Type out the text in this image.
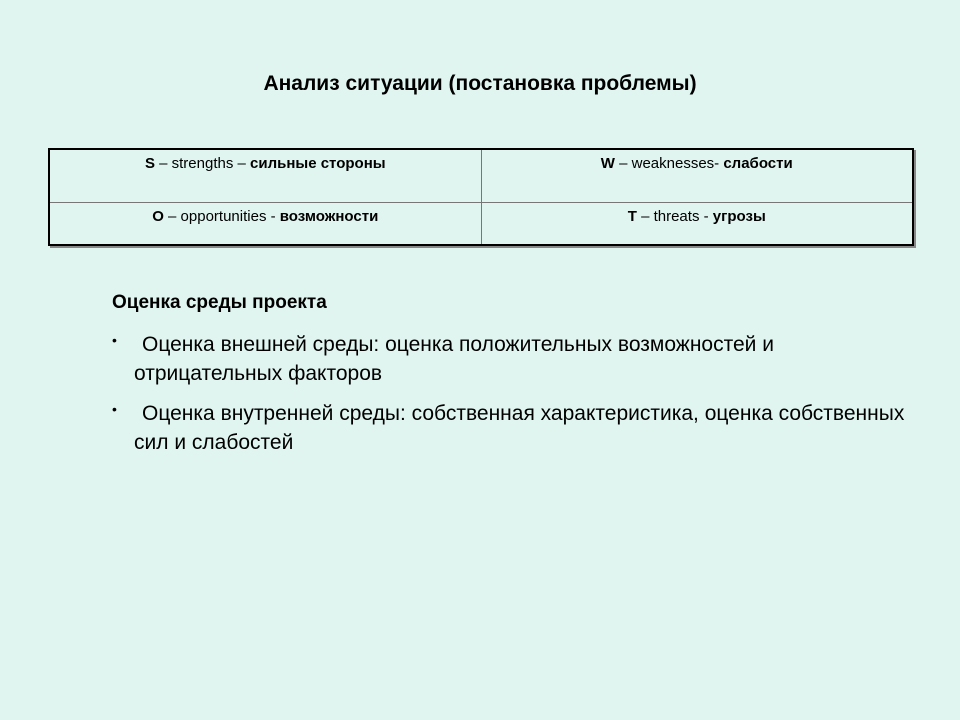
Анализ ситуации (постановка проблемы)
S – strengths – сильные стороны	W – weaknesses- слабости
O – opportunities - возможности	T – threats - угрозы
Оценка среды проекта
•	Оценка внешней среды: оценка положительных возможностей и отрицательных факторов
•	Оценка внутренней среды: собственная характеристика, оценка собственных сил и слабостей
